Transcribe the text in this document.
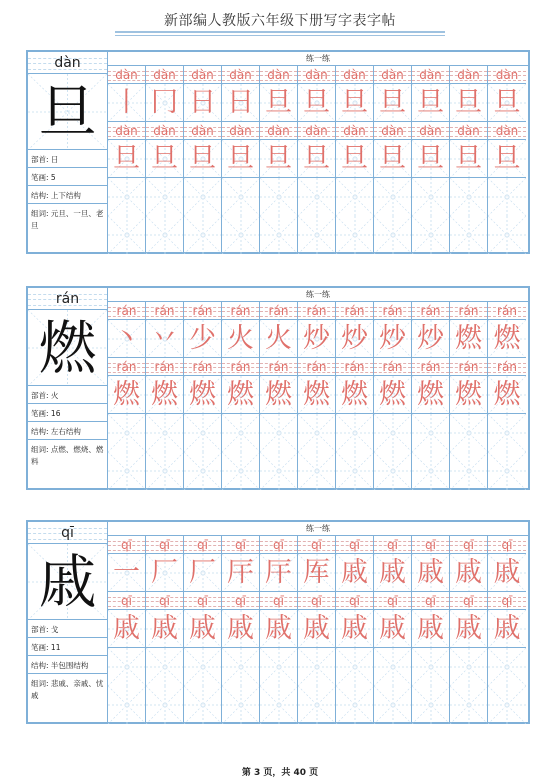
新部编人教版六年级下册写字表字帖
dàn
旦
部首: 日
笔画: 5
结构: 上下结构
组词: 元旦、一旦、老旦
练一练
dàn
丨
dàn
冂
dàn
日
dàn
日
dàn
旦
dàn
旦
dàn
旦
dàn
旦
dàn
旦
dàn
旦
dàn
旦
dàn
旦
dàn
旦
dàn
旦
dàn
旦
dàn
旦
dàn
旦
dàn
旦
dàn
旦
dàn
旦
dàn
旦
dàn
旦
rán
燃
部首: 火
笔画: 16
结构: 左右结构
组词: 点燃、燃烧、燃料
练一练
rán
丶
rán
丷
rán
少
rán
火
rán
火
rán
炒
rán
炒
rán
炒
rán
炒
rán
燃
rán
燃
rán
燃
rán
燃
rán
燃
rán
燃
rán
燃
rán
燃
rán
燃
rán
燃
rán
燃
rán
燃
rán
燃
qī
戚
部首: 戈
笔画: 11
结构: 半包围结构
组词: 悲戚、亲戚、忧戚
练一练
qī
一
qī
厂
qī
厂
qī
厈
qī
厈
qī
厍
qī
戚
qī
戚
qī
戚
qī
戚
qī
戚
qī
戚
qī
戚
qī
戚
qī
戚
qī
戚
qī
戚
qī
戚
qī
戚
qī
戚
qī
戚
qī
戚
第 3 页，共 40 页
